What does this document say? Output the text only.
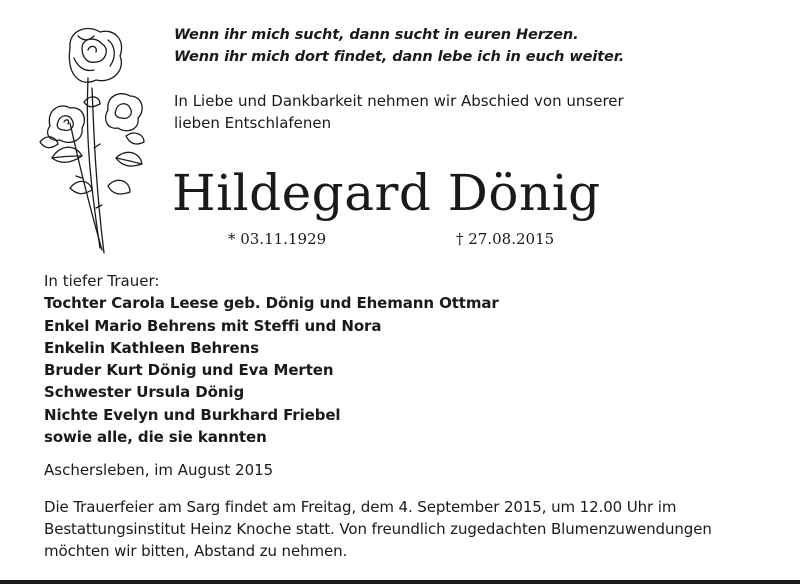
Wenn ihr mich sucht, dann sucht in euren Herzen.
Wenn ihr mich dort findet, dann lebe ich in euch weiter.
In Liebe und Dankbarkeit nehmen wir Abschied von unserer
lieben Entschlafenen
Hildegard Dönig
* 03.11.1929	† 27.08.2015
In tiefer Trauer:
Tochter Carola Leese geb. Dönig und Ehemann Ottmar
Enkel Mario Behrens mit Steffi und Nora
Enkelin Kathleen Behrens
Bruder Kurt Dönig und Eva Merten
Schwester Ursula Dönig
Nichte Evelyn und Burkhard Friebel
sowie alle, die sie kannten
Aschersleben, im August 2015
Die Trauerfeier am Sarg findet am Freitag, dem 4. September 2015, um 12.00 Uhr im
Bestattungsinstitut Heinz Knoche statt. Von freundlich zugedachten Blumenzuwendungen
möchten wir bitten, Abstand zu nehmen.
